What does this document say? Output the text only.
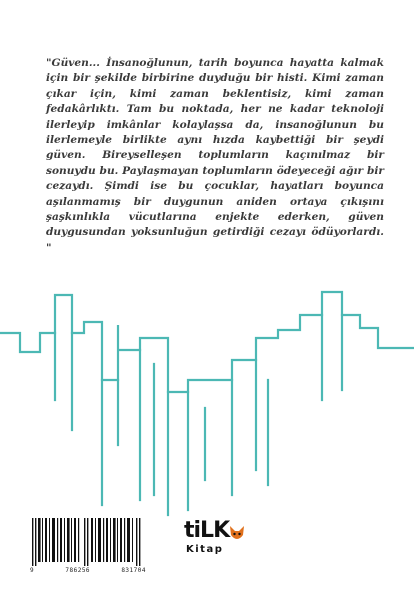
"Güven... İnsanoğlunun, tarih boyunca hayatta kalmak için bir şekilde birbirine duyduğu bir histi. Kimi zaman çıkar için, kimi zaman beklentisiz, kimi zaman fedakârlıktı. Tam bu noktada, her ne kadar teknoloji ilerleyip imkânlar kolaylaşsa da, insanoğlunun bu ilerlemeyle birlikte aynı hızda kaybettiği bir şeydi güven. Bireyselleşen toplumların kaçınılmaz bir sonuydu bu. Paylaşmayan toplumların ödeyeceği ağır bir cezaydı. Şimdi ise bu çocuklar, hayatları boyunca aşılanmamış bir duygunun aniden ortaya çıkışını şaşkınlıkla vücutlarına enjekte ederken, güven duygusundan yoksunluğun getirdiği cezayı ödüyorlardı. "

9	786256	831704
tiLK
Kitap
